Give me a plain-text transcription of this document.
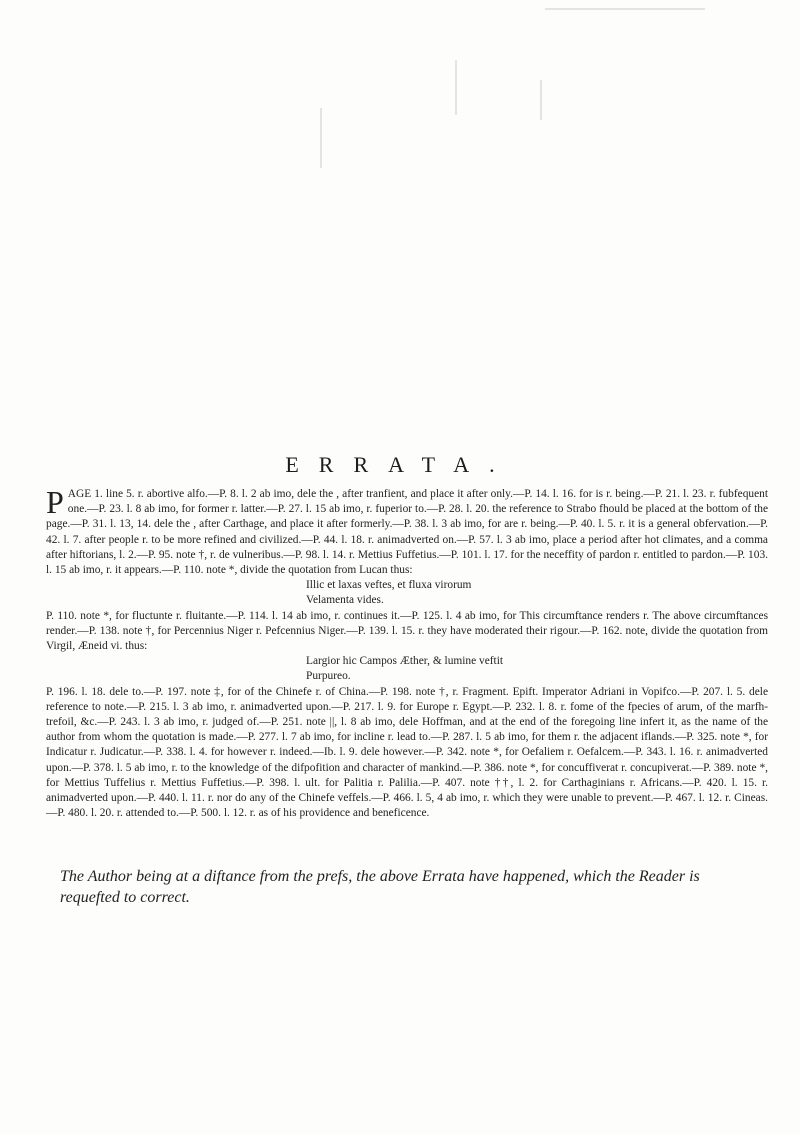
ERRATA.

PAGE 1. line 5. r. abortive alfo.—P. 8. l. 2 ab imo, dele the , after tranfient, and place it after only.—P. 14. l. 16. for is r. being.—P. 21. l. 23. r. fubfequent one.—P. 23. l. 8 ab imo, for former r. latter.—P. 27. l. 15 ab imo, r. fuperior to.—P. 28. l. 20. the reference to Strabo fhould be placed at the bottom of the page.—P. 31. l. 13, 14. dele the , after Carthage, and place it after formerly.—P. 38. l. 3 ab imo, for are r. being.—P. 40. l. 5. r. it is a general obfervation.—P. 42. l. 7. after people r. to be more refined and civilized.—P. 44. l. 18. r. animadverted on.—P. 57. l. 3 ab imo, place a period after hot climates, and a comma after hiftorians, l. 2.—P. 95. note †, r. de vulneribus.—P. 98. l. 14. r. Mettius Fuffetius.—P. 101. l. 17. for the neceffity of pardon r. entitled to pardon.—P. 103. l. 15 ab imo, r. it appears.—P. 110. note *, divide the quotation from Lucan thus:

Illic et laxas veftes, et fluxa virorum
Velamenta vides.

P. 110. note *, for fluctunte r. fluitante.—P. 114. l. 14 ab imo, r. continues it.—P. 125. l. 4 ab imo, for This circumftance renders r. The above circumftances render.—P. 138. note †, for Percennius Niger r. Pefcennius Niger.—P. 139. l. 15. r. they have moderated their rigour.—P. 162. note, divide the quotation from Virgil, Æneid vi. thus:

Largior hic Campos Æther, & lumine veftit
Purpureo.

P. 196. l. 18. dele to.—P. 197. note ‡, for of the Chinefe r. of China.—P. 198. note †, r. Fragment. Epift. Imperator Adriani in Vopifco.—P. 207. l. 5. dele reference to note.—P. 215. l. 3 ab imo, r. animadverted upon.—P. 217. l. 9. for Europe r. Egypt.—P. 232. l. 8. r. fome of the fpecies of arum, of the marfh-trefoil, &c.—P. 243. l. 3 ab imo, r. judged of.—P. 251. note ||, l. 8 ab imo, dele Hoffman, and at the end of the foregoing line infert it, as the name of the author from whom the quotation is made.—P. 277. l. 7 ab imo, for incline r. lead to.—P. 287. l. 5 ab imo, for them r. the adjacent iflands.—P. 325. note *, for Indicatur r. Judicatur.—P. 338. l. 4. for however r. indeed.—Ib. l. 9. dele however.—P. 342. note *, for Oefaliem r. Oefalcem.—P. 343. l. 16. r. animadverted upon.—P. 378. l. 5 ab imo, r. to the knowledge of the difpofition and character of mankind.—P. 386. note *, for concuffiverat r. concupiverat.—P. 389. note *, for Mettius Tuffelius r. Mettius Fuffetius.—P. 398. l. ult. for Palitia r. Palilia.—P. 407. note ††, l. 2. for Carthaginians r. Africans.—P. 420. l. 15. r. animadverted upon.—P. 440. l. 11. r. nor do any of the Chinefe veffels.—P. 466. l. 5, 4 ab imo, r. which they were unable to prevent.—P. 467. l. 12. r. Cineas.—P. 480. l. 20. r. attended to.—P. 500. l. 12. r. as of his providence and beneficence.

The Author being at a diftance from the prefs, the above Errata have happened, which the Reader is requefted to correct.
